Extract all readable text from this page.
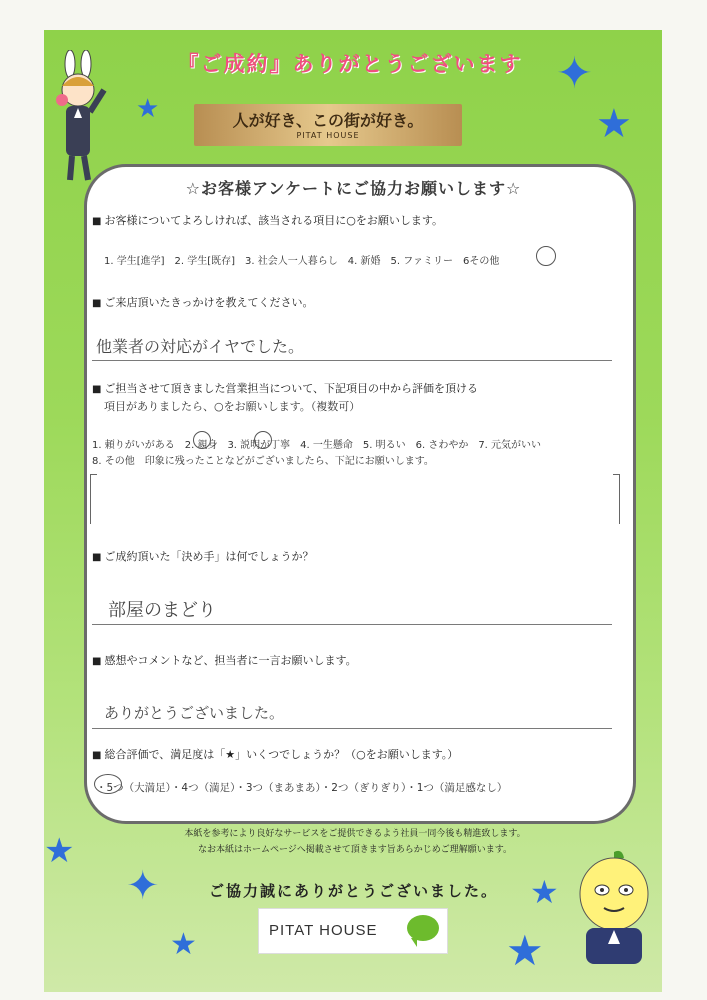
✦
★	★
★
✦	★
★	★
『ご成約』ありがとうございます
人が好き、この街が好き。
PITAT HOUSE
☆お客様アンケートにご協力お願いします☆
■ お客様についてよろしければ、該当される項目に○をお願いします。
1. 学生[進学]　2. 学生[既存]　3. 社会人一人暮らし　4. 新婚　5. ファミリー　6その他
■ ご来店頂いたきっかけを教えてください。
他業者の対応がイヤでした。
■ ご担当させて頂きました営業担当について、下記項目の中から評価を頂ける
項目がありましたら、○をお願いします。（複数可）
1. 頼りがいがある　2. 親身　3. 説明が丁寧　4. 一生懸命　5. 明るい　6. さわやか　7. 元気がいい
8. その他　印象に残ったことなどがございましたら、下記にお願いします。
■ ご成約頂いた「決め手」は何でしょうか？
部屋のまどり
■ 感想やコメントなど、担当者に一言お願いします。
ありがとうございました。
■ 総合評価で、満足度は「★」いくつでしょうか？（○をお願いします。）
・5つ（大満足）・4つ（満足）・3つ（まあまあ）・2つ（ぎりぎり）・1つ（満足感なし）
本紙を参考により良好なサービスをご提供できるよう社員一同今後も精進致します。
なお本紙はホームページへ掲載させて頂きます旨あらかじめご理解願います。
ご協力誠にありがとうございました。
PITAT HOUSE
